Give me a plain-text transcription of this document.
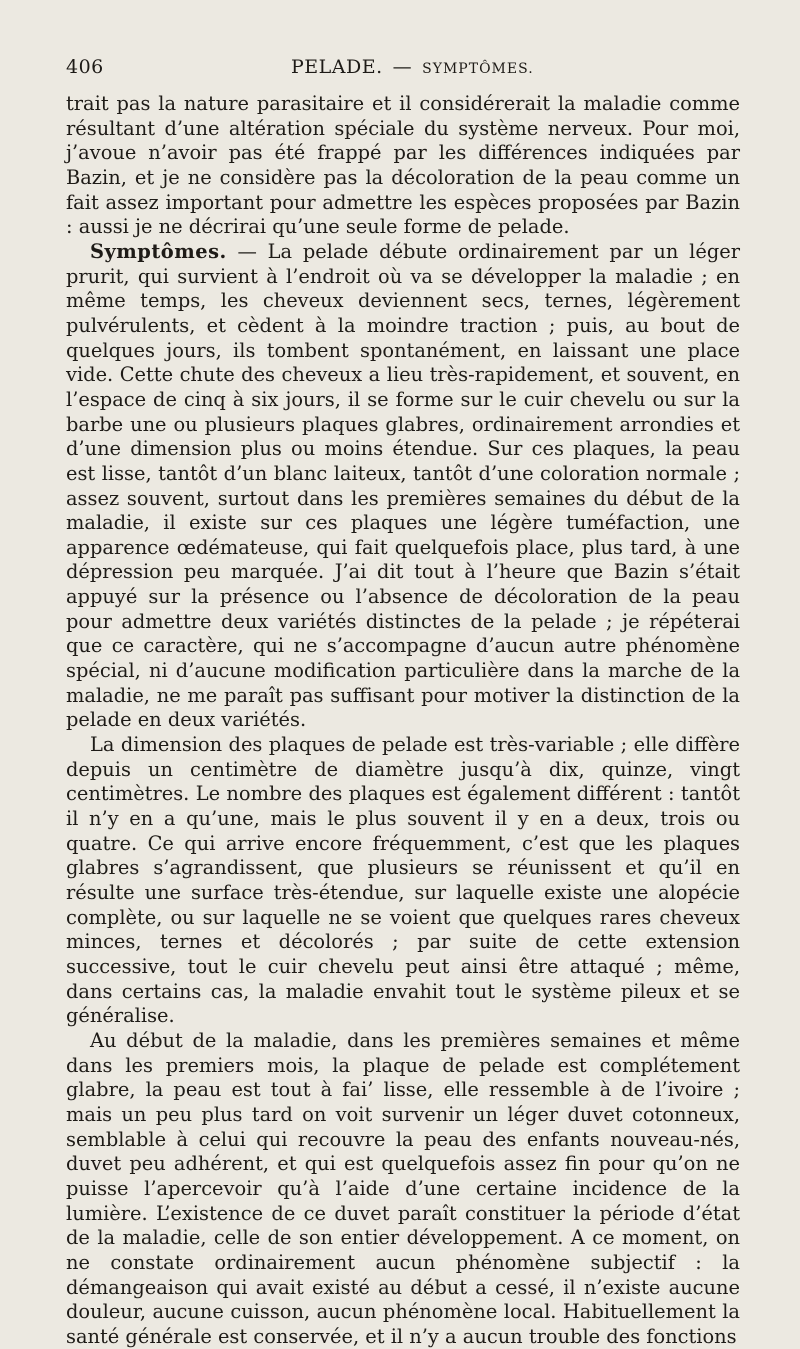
406	PELADE. — SYMPTÔMES.

trait pas la nature parasitaire et il considérerait la maladie comme résultant d’une altération spéciale du système nerveux. Pour moi, j’avoue n’avoir pas été frappé par les différences indiquées par Bazin, et je ne considère pas la décoloration de la peau comme un fait assez important pour admettre les espèces proposées par Bazin : aussi je ne décrirai qu’une seule forme de pelade.

Symptômes. — La pelade débute ordinairement par un léger prurit, qui survient à l’endroit où va se développer la maladie ; en même temps, les cheveux deviennent secs, ternes, légèrement pulvérulents, et cèdent à la moindre traction ; puis, au bout de quelques jours, ils tombent spontanément, en laissant une place vide. Cette chute des cheveux a lieu très-rapidement, et souvent, en l’espace de cinq à six jours, il se forme sur le cuir chevelu ou sur la barbe une ou plusieurs plaques glabres, ordinairement arrondies et d’une dimension plus ou moins étendue. Sur ces plaques, la peau est lisse, tantôt d’un blanc laiteux, tantôt d’une coloration normale ; assez souvent, surtout dans les premières semaines du début de la maladie, il existe sur ces plaques une légère tuméfaction, une apparence œdémateuse, qui fait quelquefois place, plus tard, à une dépression peu marquée. J’ai dit tout à l’heure que Bazin s’était appuyé sur la présence ou l’absence de décoloration de la peau pour admettre deux variétés distinctes de la pelade ; je répéterai que ce caractère, qui ne s’accompagne d’aucun autre phénomène spécial, ni d’aucune modification particulière dans la marche de la maladie, ne me paraît pas suffisant pour motiver la distinction de la pelade en deux variétés.

La dimension des plaques de pelade est très-variable ; elle diffère depuis un centimètre de diamètre jusqu’à dix, quinze, vingt centimètres. Le nombre des plaques est également différent : tantôt il n’y en a qu’une, mais le plus souvent il y en a deux, trois ou quatre. Ce qui arrive encore fréquemment, c’est que les plaques glabres s’agrandissent, que plusieurs se réunissent et qu’il en résulte une surface très-étendue, sur laquelle existe une alopécie complète, ou sur laquelle ne se voient que quelques rares cheveux minces, ternes et décolorés ; par suite de cette extension successive, tout le cuir chevelu peut ainsi être attaqué ; même, dans certains cas, la maladie envahit tout le système pileux et se généralise.

Au début de la maladie, dans les premières semaines et même dans les premiers mois, la plaque de pelade est complétement glabre, la peau est tout à fai’ lisse, elle ressemble à de l’ivoire ; mais un peu plus tard on voit survenir un léger duvet cotonneux, semblable à celui qui recouvre la peau des enfants nouveau-nés, duvet peu adhérent, et qui est quelquefois assez fin pour qu’on ne puisse l’apercevoir qu’à l’aide d’une certaine incidence de la lumière. L’existence de ce duvet paraît constituer la période d’état de la maladie, celle de son entier développement. A ce moment, on ne constate ordinairement aucun phénomène subjectif : la démangeaison qui avait existé au début a cessé, il n’existe aucune douleur, aucune cuisson, aucun phénomène local. Habituellement la santé générale est conservée, et il n’y a aucun trouble des fonctions
